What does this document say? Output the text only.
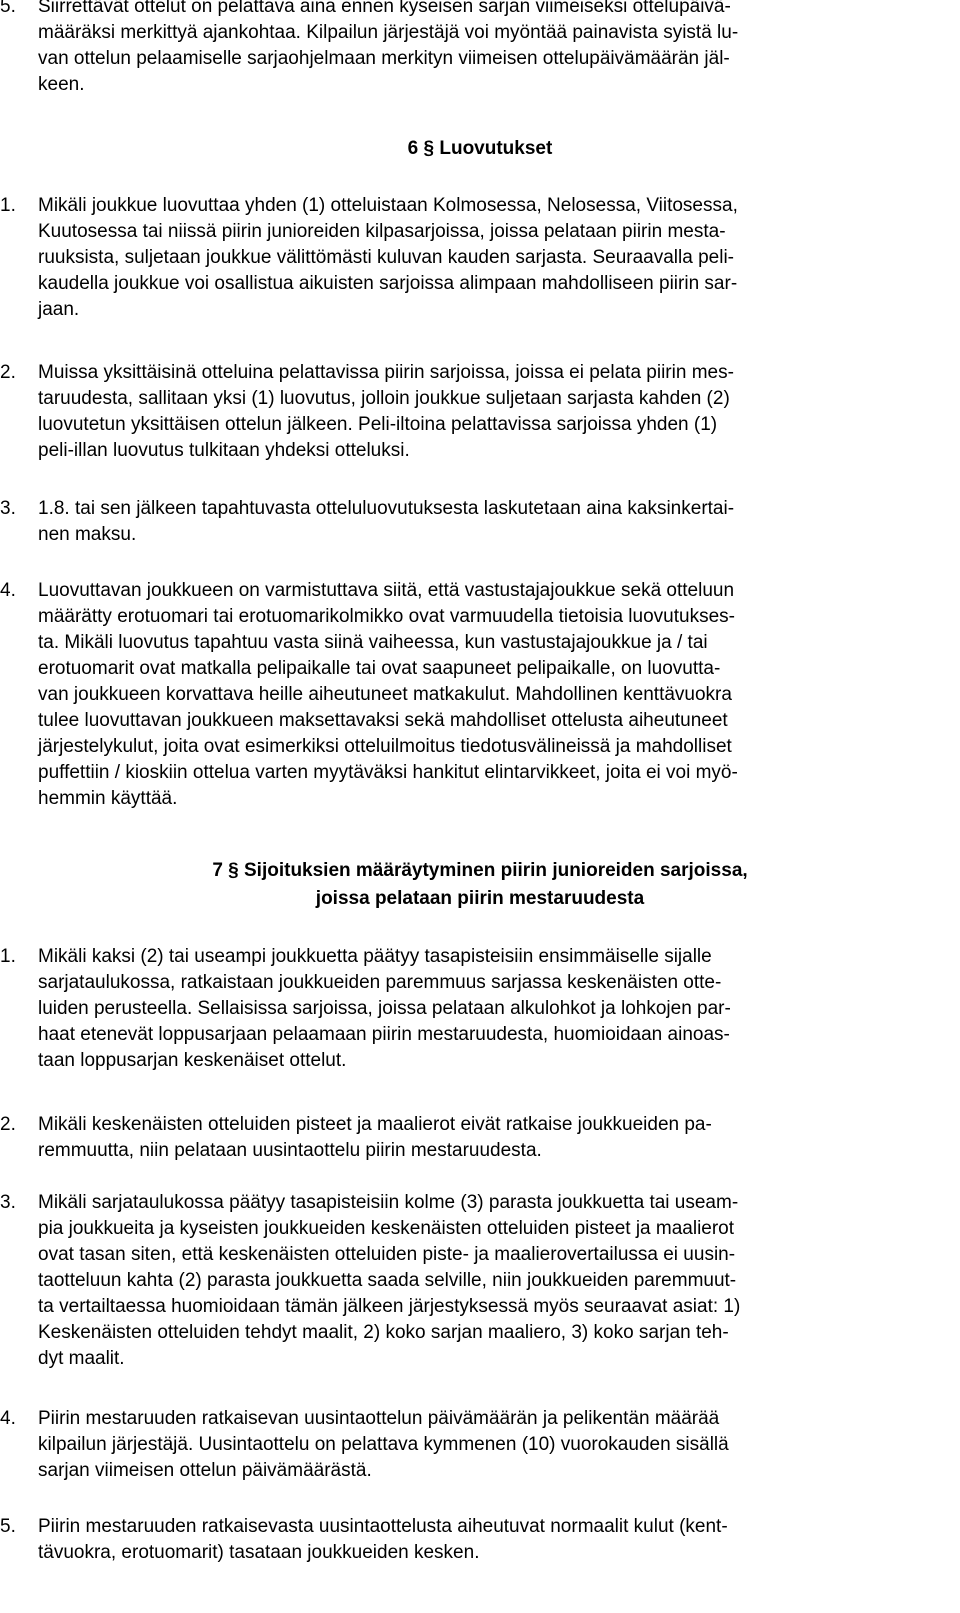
5. Siirrettävät ottelut on pelattava aina ennen kyseisen sarjan viimeiseksi ottelupäivä-
määräksi merkittyä ajankohtaa. Kilpailun järjestäjä voi myöntää painavista syistä lu-
van ottelun pelaamiselle sarjaohjelmaan merkityn viimeisen ottelupäivämäärän jäl-
keen.
6 § Luovutukset
1. Mikäli joukkue luovuttaa yhden (1) otteluistaan Kolmosessa, Nelosessa, Viitosessa,
Kuutosessa tai niissä piirin junioreiden kilpasarjoissa, joissa pelataan piirin mesta-
ruuksista, suljetaan joukkue välittömästi kuluvan kauden sarjasta. Seuraavalla peli-
kaudella joukkue voi osallistua aikuisten sarjoissa alimpaan mahdolliseen piirin sar-
jaan.
2. Muissa yksittäisinä otteluina pelattavissa piirin sarjoissa, joissa ei pelata piirin mes-
taruudesta, sallitaan yksi (1) luovutus, jolloin joukkue suljetaan sarjasta kahden (2)
luovutetun yksittäisen ottelun jälkeen. Peli-iltoina pelattavissa sarjoissa yhden (1)
peli-illan luovutus tulkitaan yhdeksi otteluksi.
3. 1.8. tai sen jälkeen tapahtuvasta otteluluovutuksesta laskutetaan aina kaksinkertai-
nen maksu.
4. Luovuttavan joukkueen on varmistuttava siitä, että vastustajajoukkue sekä otteluun
määrätty erotuomari tai erotuomarikolmikko ovat varmuudella tietoisia luovutukses-
ta. Mikäli luovutus tapahtuu vasta siinä vaiheessa, kun vastustajajoukkue ja / tai
erotuomarit ovat matkalla pelipaikalle tai ovat saapuneet pelipaikalle, on luovutta-
van joukkueen korvattava heille aiheutuneet matkakulut. Mahdollinen kenttävuokra
tulee luovuttavan joukkueen maksettavaksi sekä mahdolliset ottelusta aiheutuneet
järjestelykulut, joita ovat esimerkiksi otteluilmoitus tiedotusvälineissä ja mahdolliset
puffettiin / kioskiin ottelua varten myytäväksi hankitut elintarvikkeet, joita ei voi myö-
hemmin käyttää.
7 § Sijoituksien määräytyminen piirin junioreiden sarjoissa,
joissa pelataan piirin mestaruudesta
1. Mikäli kaksi (2) tai useampi joukkuetta päätyy tasapisteisiin ensimmäiselle sijalle
sarjataulukossa, ratkaistaan joukkueiden paremmuus sarjassa keskenäisten otte-
luiden perusteella. Sellaisissa sarjoissa, joissa pelataan alkulohkot ja lohkojen par-
haat etenevät loppusarjaan pelaamaan piirin mestaruudesta, huomioidaan ainoas-
taan loppusarjan keskenäiset ottelut.
2. Mikäli keskenäisten otteluiden pisteet ja maalierot eivät ratkaise joukkueiden pa-
remmuutta, niin pelataan uusintaottelu piirin mestaruudesta.
3. Mikäli sarjataulukossa päätyy tasapisteisiin kolme (3) parasta joukkuetta tai useam-
pia joukkueita ja kyseisten joukkueiden keskenäisten otteluiden pisteet ja maalierot
ovat tasan siten, että keskenäisten otteluiden piste- ja maalierovertailussa ei uusin-
taotteluun kahta (2) parasta joukkuetta saada selville, niin joukkueiden paremmuut-
ta vertailtaessa huomioidaan tämän jälkeen järjestyksessä myös seuraavat asiat: 1)
Keskenäisten otteluiden tehdyt maalit, 2) koko sarjan maaliero, 3) koko sarjan teh-
dyt maalit.
4. Piirin mestaruuden ratkaisevan uusintaottelun päivämäärän ja pelikentän määrää
kilpailun järjestäjä. Uusintaottelu on pelattava kymmenen (10) vuorokauden sisällä
sarjan viimeisen ottelun päivämäärästä.
5. Piirin mestaruuden ratkaisevasta uusintaottelusta aiheutuvat normaalit kulut (kent-
tävuokra, erotuomarit) tasataan joukkueiden kesken.
